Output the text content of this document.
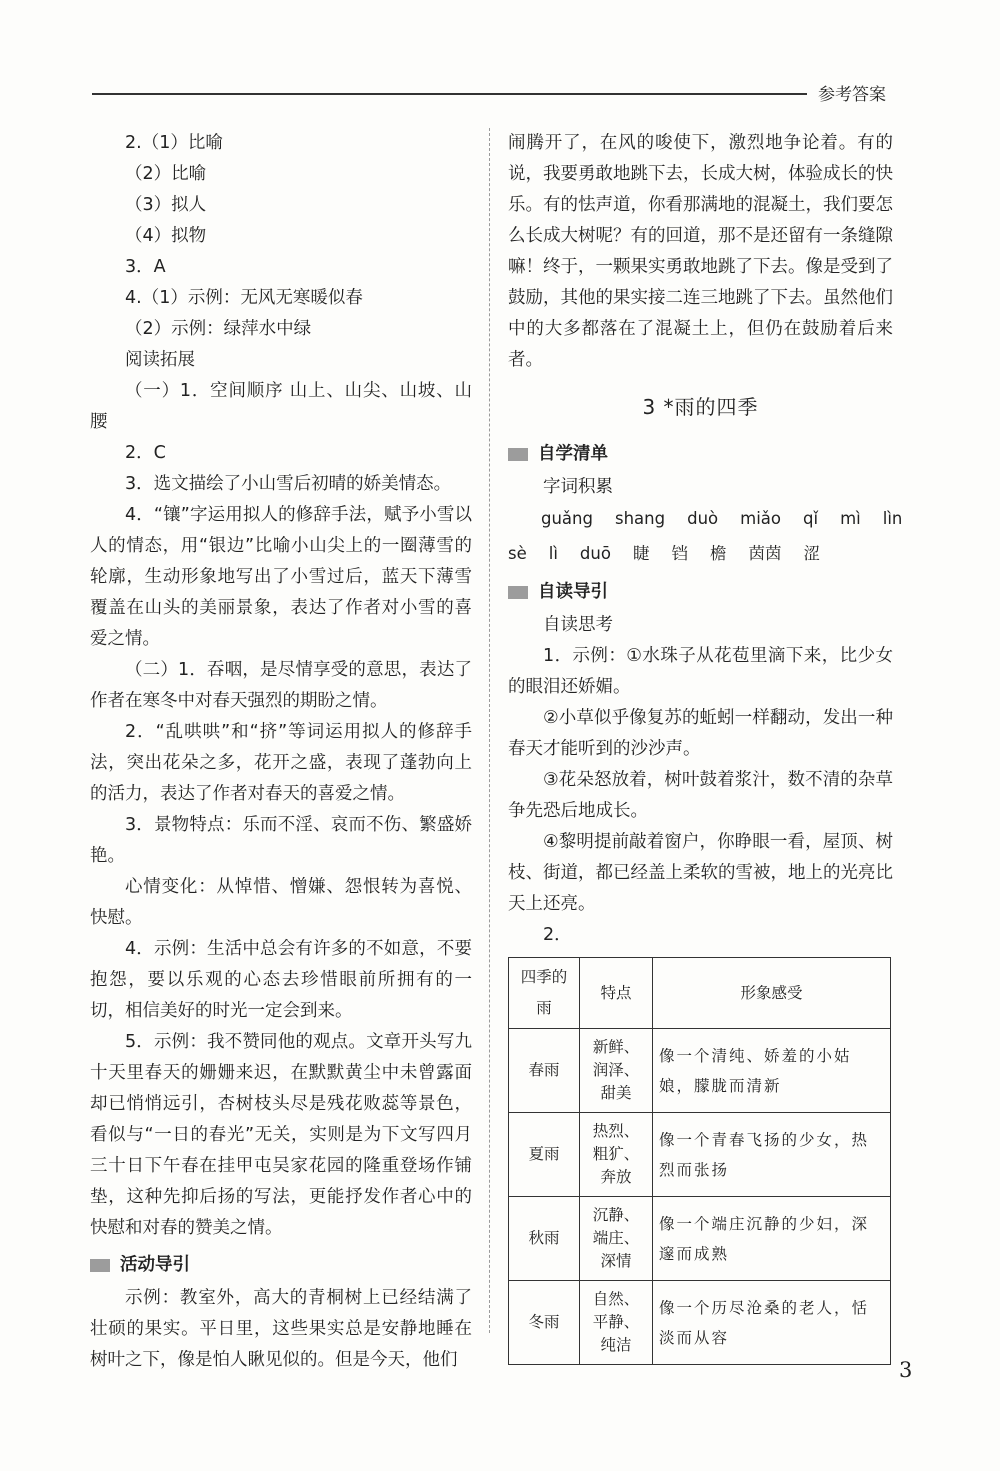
参考答案

2.（1）比喻

（2）比喻

（3）拟人

（4）拟物

3．A

4.（1）示例：无风无寒暖似春

（2）示例：绿萍水中绿

阅读拓展

（一）1．空间顺序 山上、山尖、山坡、山腰

2．C

3．选文描绘了小山雪后初晴的娇美情态。

4．“镶”字运用拟人的修辞手法，赋予小雪以人的情态，用“银边”比喻小山尖上的一圈薄雪的轮廓，生动形象地写出了小雪过后，蓝天下薄雪覆盖在山头的美丽景象，表达了作者对小雪的喜爱之情。

（二）1．吞咽，是尽情享受的意思，表达了作者在寒冬中对春天强烈的期盼之情。

2．“乱哄哄”和“挤”等词运用拟人的修辞手法，突出花朵之多，花开之盛，表现了蓬勃向上的活力，表达了作者对春天的喜爱之情。

3．景物特点：乐而不淫、哀而不伤、繁盛娇艳。

心情变化：从悼惜、憎嫌、怨恨转为喜悦、快慰。

4．示例：生活中总会有许多的不如意，不要抱怨，要以乐观的心态去珍惜眼前所拥有的一切，相信美好的时光一定会到来。

5．示例：我不赞同他的观点。文章开头写九十天里春天的姗姗来迟，在默默黄尘中未曾露面却已悄悄远引，杏树枝头尽是残花败蕊等景色，看似与“一日的春光”无关，实则是为下文写四月三十日下午春在挂甲屯吴家花园的隆重登场作铺垫，这种先抑后扬的写法，更能抒发作者心中的快慰和对春的赞美之情。

活动导引

示例：教室外，高大的青桐树上已经结满了壮硕的果实。平日里，这些果实总是安静地睡在树叶之下，像是怕人瞅见似的。但是今天，他们

闹腾开了，在风的唆使下，激烈地争论着。有的说，我要勇敢地跳下去，长成大树，体验成长的快乐。有的怯声道，你看那满地的混凝土，我们要怎么长成大树呢？有的回道，那不是还留有一条缝隙嘛！终于，一颗果实勇敢地跳了下去。像是受到了鼓励，其他的果实接二连三地跳了下去。虽然他们中的大多都落在了混凝土上，但仍在鼓励着后来者。

3 *雨的四季
自学清单

字词积累

guǎng shang duò miǎo qǐ mì lìn
sè lì duō 睫 铛 檐 茵茵 涩
自读导引

自读思考

1．示例：①水珠子从花苞里滴下来，比少女的眼泪还娇媚。

②小草似乎像复苏的蚯蚓一样翻动，发出一种春天才能听到的沙沙声。

③花朵怒放着，树叶鼓着浆汁，数不清的杂草争先恐后地成长。

④黎明提前敲着窗户，你睁眼一看，屋顶、树枝、街道，都已经盖上柔软的雪被，地上的光亮比天上还亮。

2．

四季的雨	特点	形象感受
春雨	新鲜、润泽、甜美	像一个清纯、娇羞的小姑娘，朦胧而清新
夏雨	热烈、粗犷、奔放	像一个青春飞扬的少女，热烈而张扬
秋雨	沉静、端庄、深情	像一个端庄沉静的少妇，深邃而成熟
冬雨	自然、平静、纯洁	像一个历尽沧桑的老人，恬淡而从容
3
